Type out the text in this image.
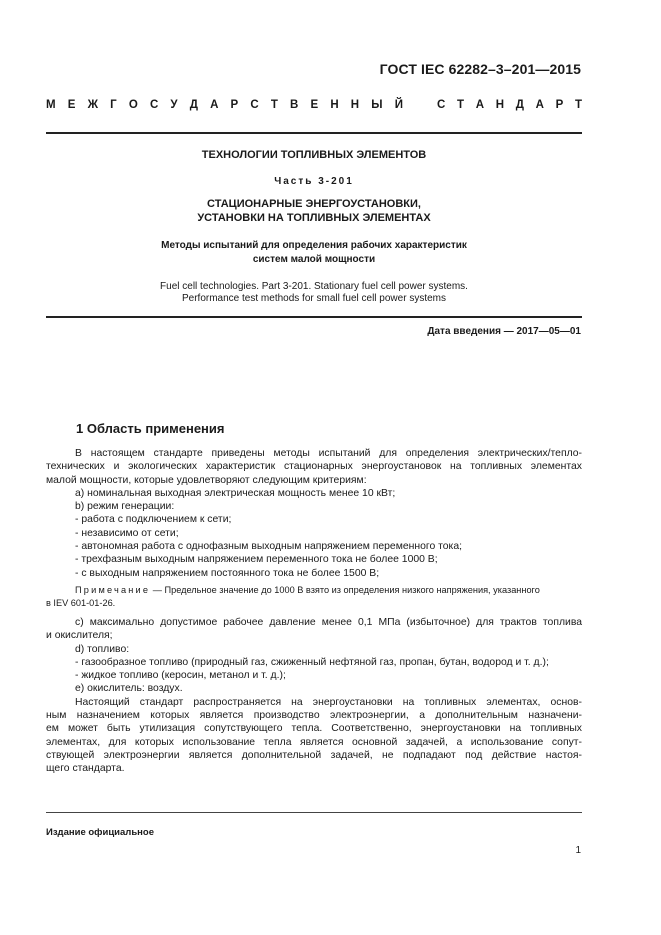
ГОСТ IEC 62282–3–201—2015
М Е Ж Г О С У Д А Р С Т В Е Н Н Ы Й	С Т А Н Д А Р Т
ТЕХНОЛОГИИ ТОПЛИВНЫХ ЭЛЕМЕНТОВ
Часть 3-201
СТАЦИОНАРНЫЕ ЭНЕРГОУСТАНОВКИ,
УСТАНОВКИ НА ТОПЛИВНЫХ ЭЛЕМЕНТАХ
Методы испытаний для определения рабочих характеристик
систем малой мощности
Fuel cell technologies. Part 3-201. Stationary fuel cell power systems.
Performance test methods for small fuel cell power systems
Дата введения — 2017—05—01
1 Область применения

В настоящем стандарте приведены методы испытаний для определения электрических/тепло-

технических и экологических характеристик стационарных энергоустановок на топливных элементах

малой мощности, которые удовлетворяют следующим критериям:

a) номинальная выходная электрическая мощность менее 10 кВт;

b) режим генерации:

- работа с подключением к сети;

- независимо от сети;

- автономная работа с однофазным выходным напряжением переменного тока;

- трехфазным выходным напряжением переменного тока не более 1000 В;

- с выходным напряжением постоянного тока не более 1500 В;

Примечание — Предельное значение до 1000 В взято из определения низкого напряжения, указанного

в IEV 601-01-26.

c) максимально допустимое рабочее давление менее 0,1 МПа (избыточное) для трактов топлива

и окислителя;

d) топливо:

- газообразное топливо (природный газ, сжиженный нефтяной газ, пропан, бутан, водород и т. д.);

- жидкое топливо (керосин, метанол и т. д.);

e) окислитель: воздух.

Настоящий стандарт распространяется на энергоустановки на топливных элементах, основ-

ным назначением которых является производство электроэнергии, а дополнительным назначени-

ем может быть утилизация сопутствующего тепла. Соответственно, энергоустановки на топливных

элементах, для которых использование тепла является основной задачей, а использование сопут-

ствующей электроэнергии является дополнительной задачей, не подпадают под действие настоя-

щего стандарта.

Издание официальное
1
